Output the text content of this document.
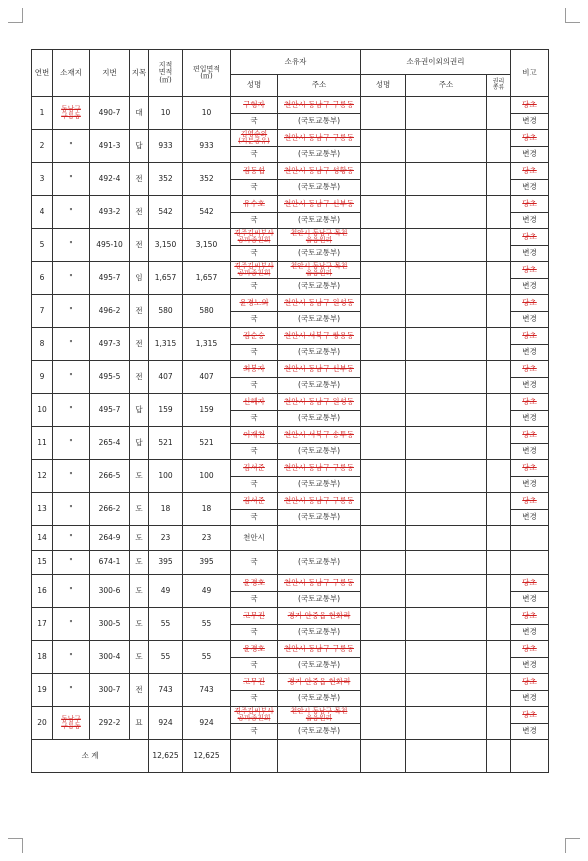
연번	소재지	지번	지목	지적
면적
(㎡)	편입면적
(㎡)	소유자		소유권이외의권리			비고
						성명	주소	성명	주소	권리
종류	
1	동남구
구룡동	490-7	대	10	10	구형자	천안시 동남구 구룡동				당초
						국	(국토교통부)				변경
2	"	491-3	답	933	933	김영순외
(지분공유)	천안시 동남구 구룡동				당초
						국	(국토교통부)				변경
3	"	492-4	전	352	352	김동섭	천안시 동남구 성황동				당초
						국	(국토교통부)				변경
4	"	493-2	전	542	542	유수호	천안시 동남구 신부동				당초
						국	(국토교통부)				변경
5	"	495-10	전	3,150	3,150	경주김씨부사
공파종친회	천안시 동남구 목천
읍응원리				당초
						국	(국토교통부)				변경
6	"	495-7	임	1,657	1,657	경주김씨부사
공파종친회	천안시 동남구 목천
읍응원리				당초
						국	(국토교통부)				변경
7	"	496-2	전	580	580	윤경노외	천안시 동남구 원성동				당초
						국	(국토교통부)				변경
8	"	497-3	전	1,315	1,315	김순승	천안시 서북구 쌍용동				당초
						국	(국토교통부)				변경
9	"	495-5	전	407	407	최봉자	천안시 동남구 신부동				당초
						국	(국토교통부)				변경
10	"	495-7	답	159	159	신혜자	천안시 동남구 원성동				당초
						국	(국토교통부)				변경
11	"	265-4	답	521	521	이재천	천안시 서북구 송투동				당초
						국	(국토교통부)				변경
12	"	266-5	도	100	100	김서준	천안시 동남구 구룡동				당초
						국	(국토교통부)				변경
13	"	266-2	도	18	18	김서준	천안시 동남구 구룡동				당초
						국	(국토교통부)				변경
14	"	264-9	도	23	23	천안시					
15	"	674-1	도	395	395	국	(국토교통부)				
16	"	300-6	도	49	49	윤경호	천안시 동남구 구룡동				당초
						국	(국토교통부)				변경
17	"	300-5	도	55	55	고무진	경기 안중읍 현화리				당초
						국	(국토교통부)				변경
18	"	300-4	도	55	55	윤경호	천안시 동남구 구룡동				당초
						국	(국토교통부)				변경
19	"	300-7	전	743	743	고무진	경기 안중읍 현화리				당초
						국	(국토교통부)				변경
20	동남구
구룡동	292-2	묘	924	924	경주김씨부사
공파종친회	천안시 동남구 목천
읍응원리				당초
						국	(국토교통부)				변경
소 계				12,625	12,625						
